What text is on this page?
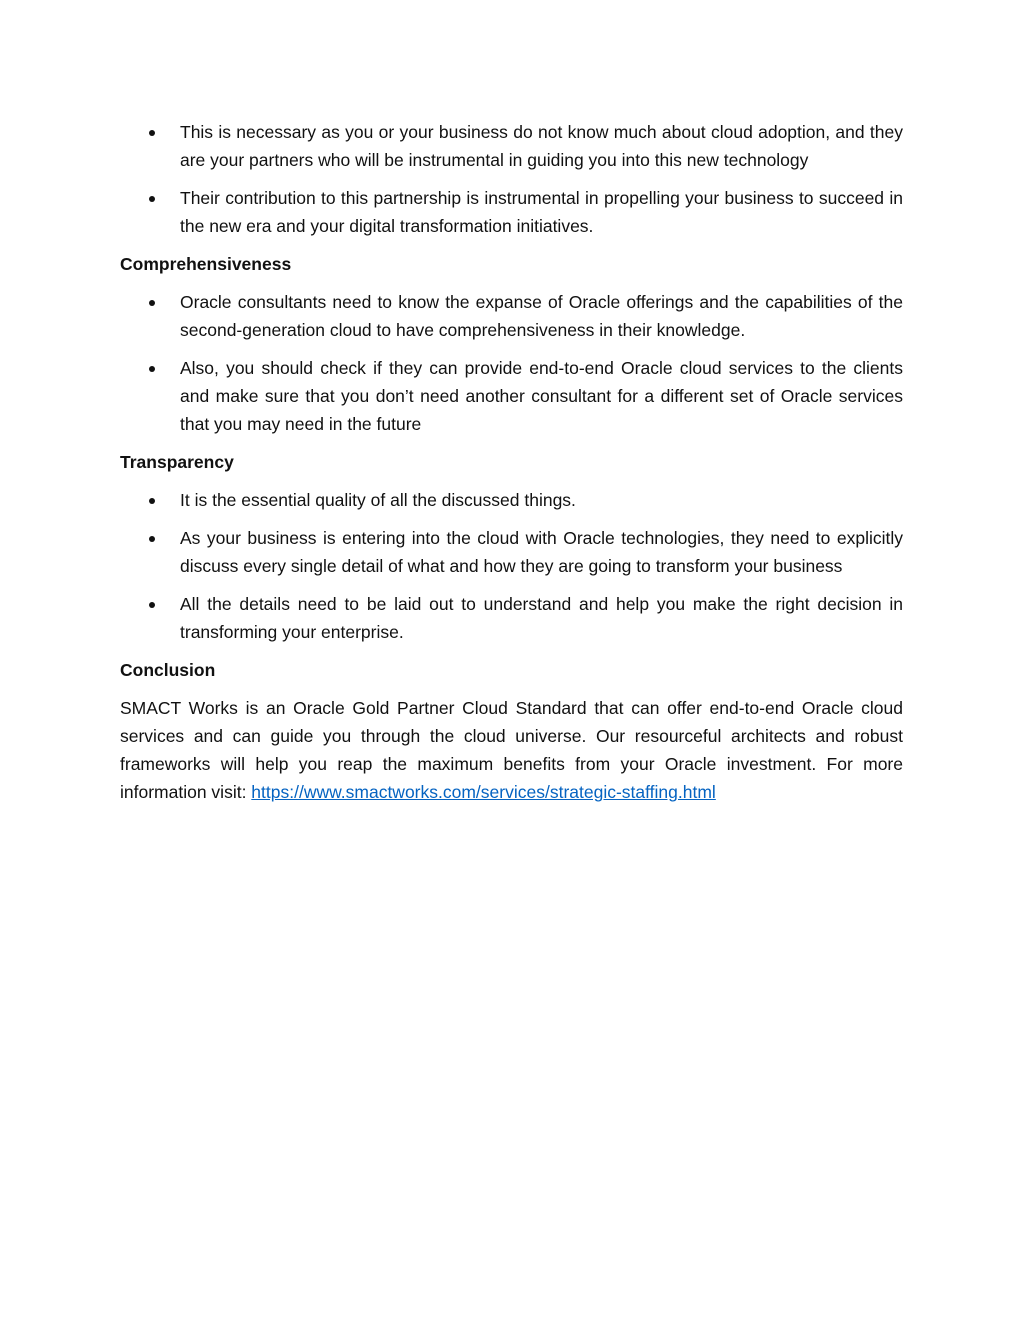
This is necessary as you or your business do not know much about cloud adoption, and they are your partners who will be instrumental in guiding you into this new technology
Their contribution to this partnership is instrumental in propelling your business to succeed in the new era and your digital transformation initiatives.
Comprehensiveness
Oracle consultants need to know the expanse of Oracle offerings and the capabilities of the second-generation cloud to have comprehensiveness in their knowledge.
Also, you should check if they can provide end-to-end Oracle cloud services to the clients and make sure that you don’t need another consultant for a different set of Oracle services that you may need in the future
Transparency
It is the essential quality of all the discussed things.
As your business is entering into the cloud with Oracle technologies, they need to explicitly discuss every single detail of what and how they are going to transform your business
All the details need to be laid out to understand and help you make the right decision in transforming your enterprise.
Conclusion

SMACT Works is an Oracle Gold Partner Cloud Standard that can offer end-to-end Oracle cloud services and can guide you through the cloud universe. Our resourceful architects and robust frameworks will help you reap the maximum benefits from your Oracle investment. For more information visit: https://www.smactworks.com/services/strategic-staffing.html
